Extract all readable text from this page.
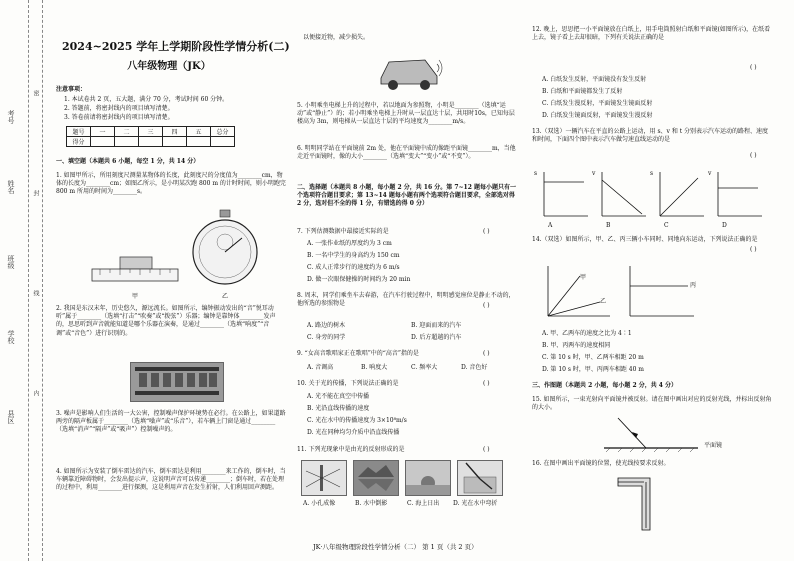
考号
姓名
班级
学校
县区
密
封
线
内
2024~2025 学年上学期阶段性学情分析(二)
八年级物理（JK）
注意事项：
1. 本试卷共 2 页，五大题，满分 70 分，考试时间 60 分钟。
2. 答题前，将密封线内的项目填写清楚。
3. 答卷前请将密封线内的项目填写清楚。
题号	一	二	三	四	五	总分
得分						
一、填空题（本题共 6 小题，每空 1 分，共 14 分）
1. 如图甲所示，所用刻度尺测量某物体的长度，此刻度尺的分度值为________cm，物体的长度为________cm；如图乙所示，是小明某次跑 800 m 的计时时间，则小明跑完 800 m 所用的时间为________s。
甲	乙
2. 我国是东汉末年，历史悠久，源远流长。如图所示，编钟振动发出的“音”悦耳动听”属于________（选填“打击”“吹奏”或“拨弦”）乐器；编钟是靠钟体________发声的，思思听到声音就能知道是哪个乐器在演奏，是通过________（选填“响度”“音调”或“音色”）进行识别的。
3. 噪声是影响人们生活的一大公害，控制噪声保护环境势在必行。在公路上，如果道路两旁的隔声板属于________（选填“噪声”或“乐音”），若车辆上门窗是通过________（选填“消声”“隔声”或“吸声”）控制噪声的。
4. 如图所示为安装了倒车雷达的汽车，倒车雷达是利用________来工作的，倒车时，当车辆靠近障碍物时，会发出提示声，这说明声音可以传递________；倒车时，若在处理的过程中，利用________进行探测，这是利用声音在发生折射，人们利用回声测距。
以便接近物，减少损失。
5. 小明乘坐电梯上升的过程中，若以地面为参照物，小明是________（选填“运动”或“静止”）的；若小明乘坐电梯上升时从一层直达十层，共用时10s，已知每层楼高为 3m，则电梯从一层直达十层的平均速度为________m/s。
6. 明明同学站在平面镜前 2m 处，他在平面镜中成的像距平面镜________m，当他走近平面镜时，像的大小________（选填“变大”“变小”或“不变”）。
二、选择题（本题共 8 小题，每小题 2 分，共 16 分。第 7~12 题每小题只有一个选项符合题目要求；第 13~14 题每小题有两个选项符合题目要求，全部选对得 2 分，选对但不全的得 1 分，有错选的得 0 分）
7. 下列估测数据中最接近实际的是	( )
A. 一张作业纸的厚度约为 3 cm
B. 一名中学生的身高约为 150 cm
C. 成人正常步行的速度约为 6 m/s
D. 做一次眼保健操的时间约为 20 min
8. 周末，同学们乘坐车去春游，在汽车行驶过程中，明明感觉座位是静止不动的，他所选的参照物是	( )
A. 路边的树木	B. 迎面而来的汽车
C. 身旁的同学	D. 后方超越的汽车
9. “女高音歌唱家正在歌唱”中的“高音”指的是	( )
A. 音调高	B. 响度大	C. 频率大	D. 音色好
10. 关于光的传播，下列说法正确的是	( )
A. 光不能在真空中传播
B. 光沿直线传播的速度
C. 光在水中的传播速度为 3×10⁸m/s
D. 光在同种均匀介质中沿直线传播
11. 下列光现象中是由光的反射形成的是	( )
A. 小孔成像	B. 水中倒影	C. 海上日出 D. 光在水中弯折
12. 晚上，思思把一小平面镜放在白纸上，用手电筒照射白纸和平面镜(如图所示)，在纸看上去，镜子看上去却很暗，下列有关说法正确的是
( )
A. 白纸发生反射，平面镜没有发生反射
B. 白纸和平面镜都发生了反射
C. 白纸发生漫反射，平面镜发生镜面反射
D. 白纸发生镜面反射，平面镜发生漫反射
13.（双选）一辆汽车在平直的公路上运动，用 s、v 和 t 分别表示汽车运动的路程、速度和时间，下面四个图中表示汽车做匀速直线运动的是
( )
s	v	s	v
A	B	C	D
14.（双选）如图所示，甲、乙、丙三辆小车同时、同地向东运动，下列说法正确的是
( )
甲
乙
丙
A. 甲、乙两车的速度之比为 4∶1
B. 甲、丙两车的速度相同
C. 第 10 s 时，甲、乙两车相距 20 m
D. 第 10 s 时，甲、丙两车相距 40 m
三、作图题（本题共 2 小题，每小题 2 分，共 4 分）
15. 如图所示，一束光射向平面镜并被反射。请在图中画出对应的反射光线，并标出反射角的大小。
平面镜
16. 在图中画出平面镜的位置，使光线按要求反射。
JK·八年级物理阶段性学情分析（二） 第 1 页（共 2 页）
